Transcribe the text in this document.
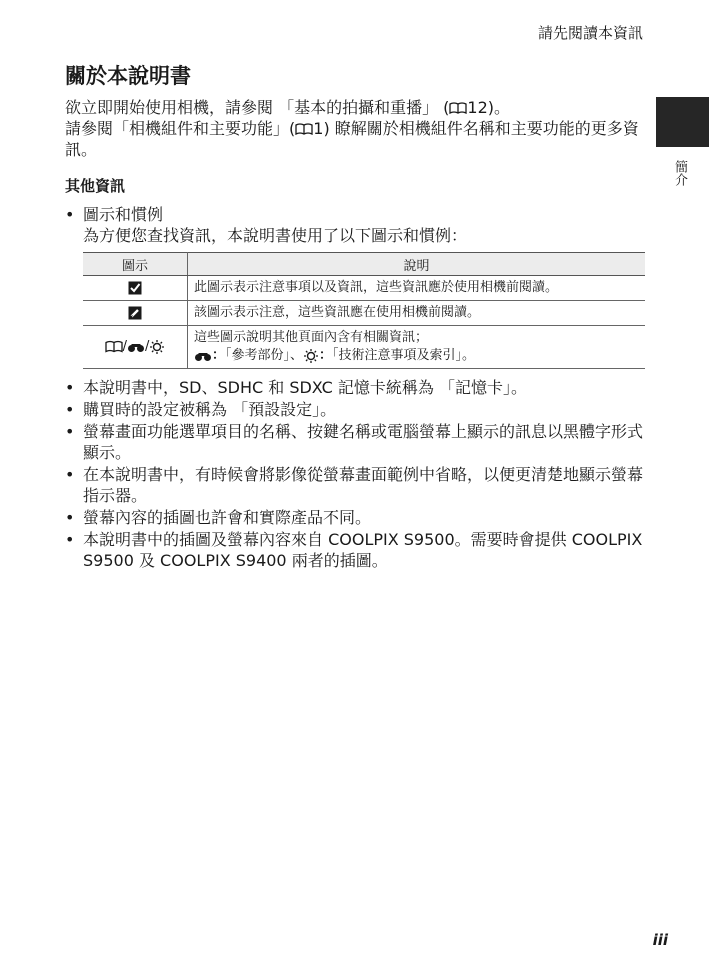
請先閱讀本資訊
簡介
關於本說明書

欲立即開始使用相機，請參閱 「基本的拍攝和重播」 ( 12)。

請參閱「相機組件和主要功能」( 1) 瞭解關於相機組件名稱和主要功能的更多資訊。

其他資訊
• 圖示和慣例
為方便您查找資訊，本說明書使用了以下圖示和慣例：
圖示	說明
	此圖示表示注意事項以及資訊，這些資訊應於使用相機前閱讀。
	該圖示表示注意，這些資訊應在使用相機前閱讀。
/ /	這些圖示說明其他頁面內含有相關資訊；
：「參考部份」、 ：「技術注意事項及索引」。
• 本說明書中，SD、SDHC 和 SDXC 記憶卡統稱為 「記憶卡」。
• 購買時的設定被稱為 「預設設定」。
• 螢幕畫面功能選單項目的名稱、按鍵名稱或電腦螢幕上顯示的訊息以黑體字形式顯示。
• 在本說明書中，有時候會將影像從螢幕畫面範例中省略，以便更清楚地顯示螢幕指示器。
• 螢幕內容的插圖也許會和實際產品不同。
• 本說明書中的插圖及螢幕內容來自 COOLPIX S9500。需要時會提供 COOLPIX S9500 及 COOLPIX S9400 兩者的插圖。
iii
